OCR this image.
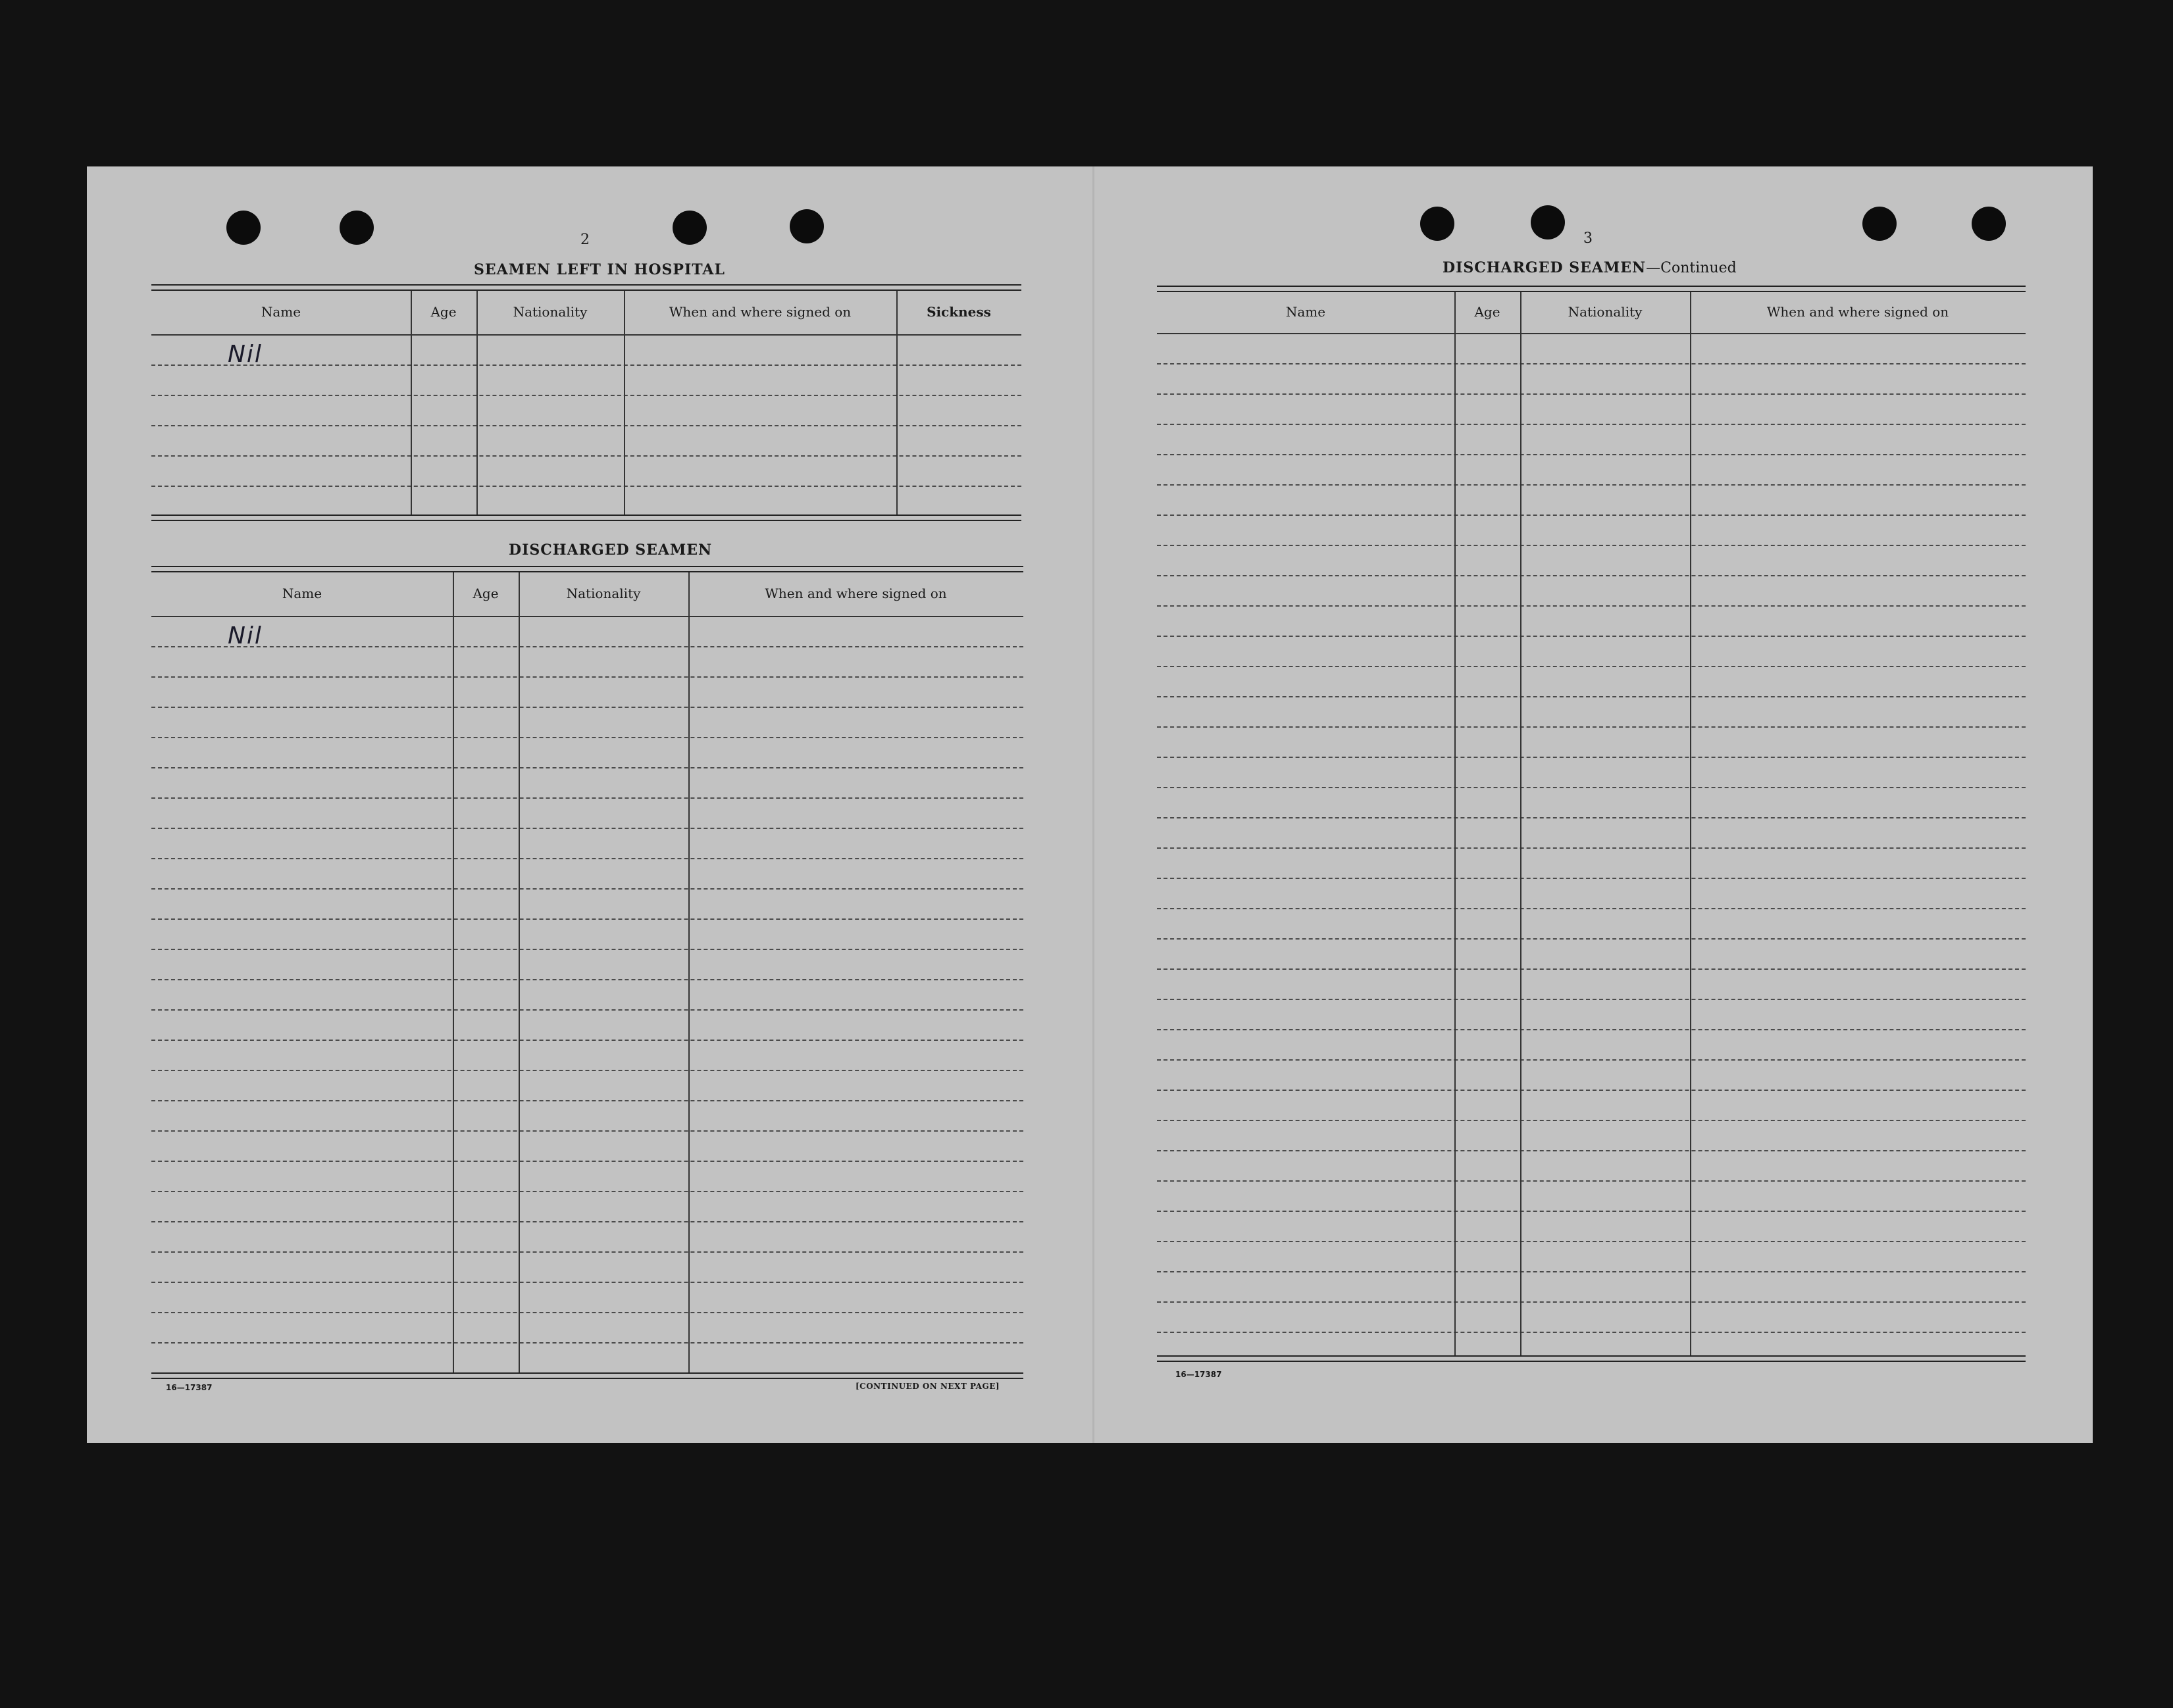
2
SEAMEN LEFT IN HOSPITAL
Name	Age	Nationality	When and where signed on	Sickness
Nil
DISCHARGED SEAMEN
Name	Age	Nationality	When and where signed on
Nil
16—17387	[CONTINUED ON NEXT PAGE]
3
DISCHARGED SEAMEN—Continued
Name	Age	Nationality	When and where signed on
16—17387
